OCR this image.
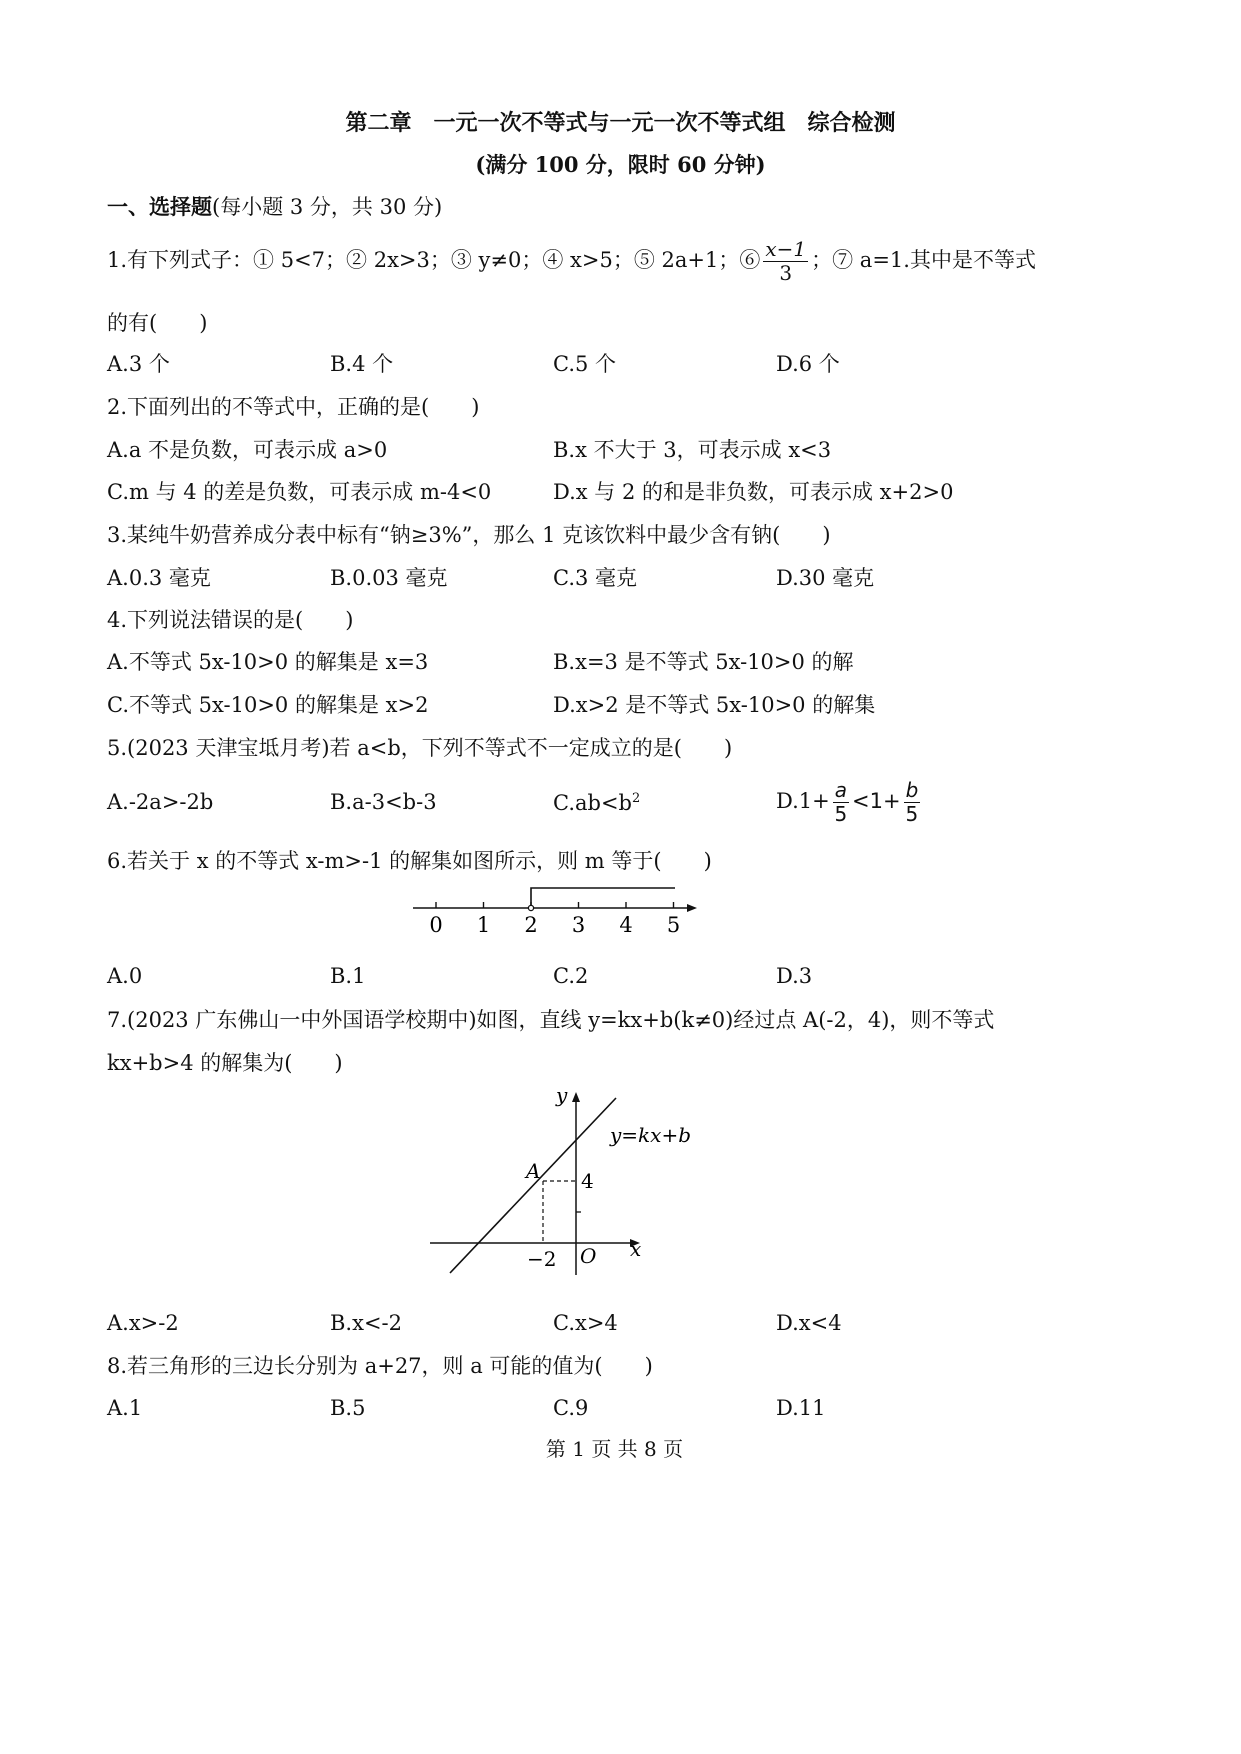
第二章　一元一次不等式与一元一次不等式组　综合检测
(满分 100 分，限时 60 分钟)
一、选择题(每小题 3 分，共 30 分)
1.有下列式子：① 5<7；② 2x>3；③ y≠0；④ x>5；⑤ 2a+1；⑥ $\frac{x-1}{3}$ ；⑦ a=1.其中是不等式
的有(　　)
A.3 个	B.4 个	C.5 个	D.6 个
2.下面列出的不等式中，正确的是(　　)
A.a 不是负数，可表示成 a>0	B.x 不大于 3，可表示成 x<3
C.m 与 4 的差是负数，可表示成 m-4<0	D.x 与 2 的和是非负数，可表示成 x+2>0
3.某纯牛奶营养成分表中标有“钠≥3%”，那么 1 克该饮料中最少含有钠(　　)
A.0.3 毫克	B.0.03 毫克	C.3 毫克	D.30 毫克
4.下列说法错误的是(　　)
A.不等式 5x-10>0 的解集是 x=3	B.x=3 是不等式 5x-10>0 的解
C.不等式 5x-10>0 的解集是 x>2	D.x>2 是不等式 5x-10>0 的解集
5.(2023 天津宝坻月考)若 a<b，下列不等式不一定成立的是(　　)
A.-2a>-2b	B.a-3<b-3	$C.ab<b^2$	$D.1+ \frac{a}{5} <1+ \frac{b}{5}$
6.若关于 x 的不等式 x-m>-1 的解集如图所示，则 m 等于(　　)
0 1 2 3 4 5
A.0	B.1	C.2	D.3
7.(2023 广东佛山一中外国语学校期中)如图，直线 y=kx+b(k≠0)经过点 A(-2，4)，则不等式
kx+b>4 的解集为(　　)
y
x
y=kx+b
A 4
−2 O
A.x>-2	B.x<-2	C.x>4	D.x<4
8.若三角形的三边长分别为 a+27，则 a 可能的值为(　　)
A.1	B.5	C.9	D.11
第 1 页 共 8 页
